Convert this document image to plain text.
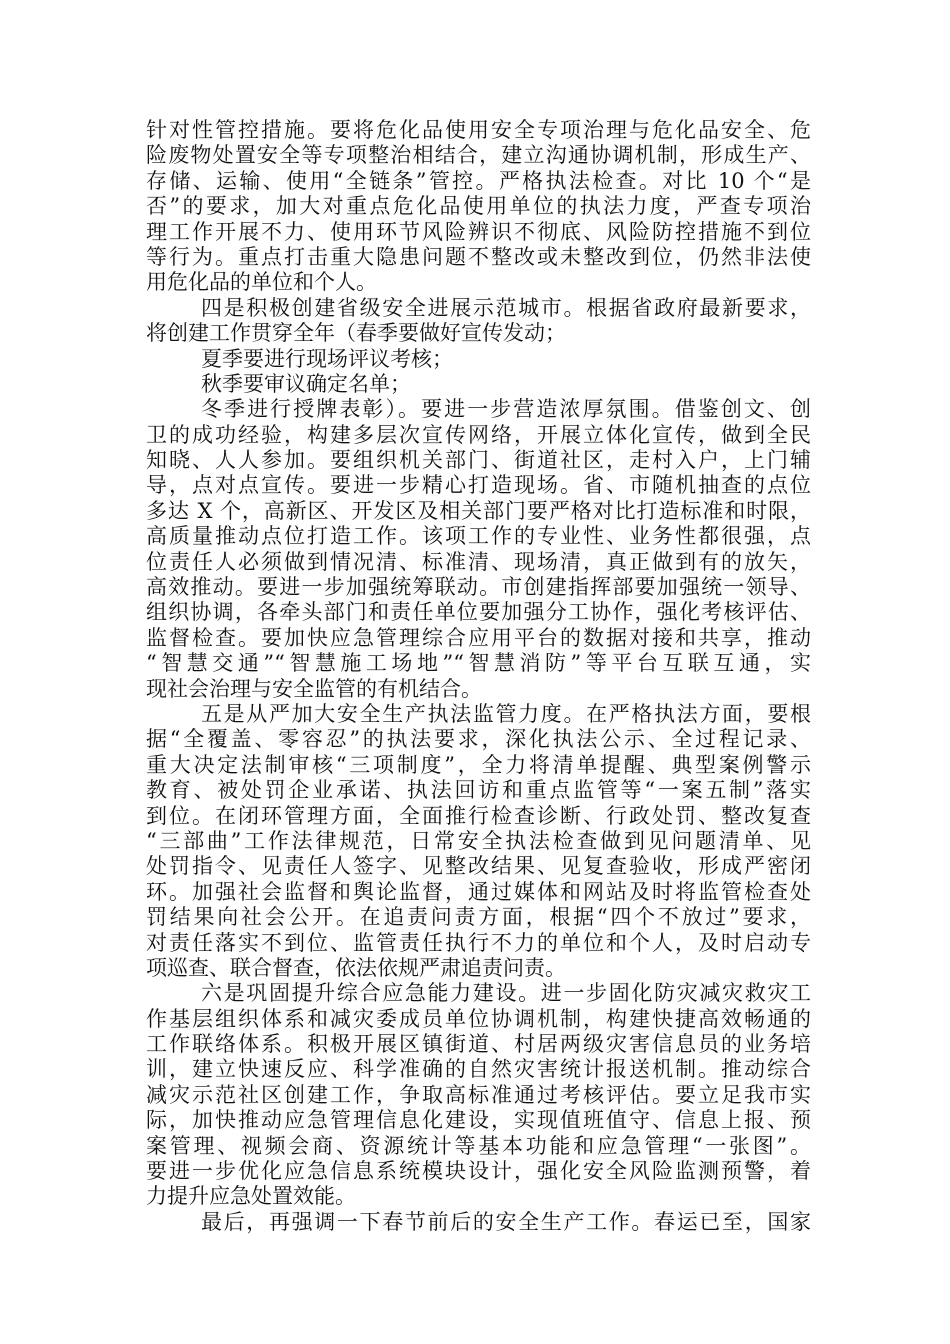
针对性管控措施。要将危化品使用安全专项治理与危化品安全、危
险废物处置安全等专项整治相结合，建立沟通协调机制，形成生产、
存储、运输、使用“全链条”管控。严格执法检查。对比 10 个“是
否”的要求，加大对重点危化品使用单位的执法力度，严查专项治
理工作开展不力、使用环节风险辨识不彻底、风险防控措施不到位
等行为。重点打击重大隐患问题不整改或未整改到位，仍然非法使
用危化品的单位和个人。
四是积极创建省级安全进展示范城市。根据省政府最新要求，
将创建工作贯穿全年（春季要做好宣传发动；
夏季要进行现场评议考核；
秋季要审议确定名单；
冬季进行授牌表彰）。要进一步营造浓厚氛围。借鉴创文、创
卫的成功经验，构建多层次宣传网络，开展立体化宣传，做到全民
知晓、人人参加。要组织机关部门、街道社区，走村入户，上门辅
导，点对点宣传。要进一步精心打造现场。省、市随机抽查的点位
多达 X 个，高新区、开发区及相关部门要严格对比打造标准和时限，
高质量推动点位打造工作。该项工作的专业性、业务性都很强，点
位责任人必须做到情况清、标准清、现场清，真正做到有的放矢，
高效推动。要进一步加强统筹联动。市创建指挥部要加强统一领导、
组织协调，各牵头部门和责任单位要加强分工协作，强化考核评估、
监督检查。要加快应急管理综合应用平台的数据对接和共享，推动
“智慧交通”“智慧施工场地”“智慧消防”等平台互联互通，实
现社会治理与安全监管的有机结合。
五是从严加大安全生产执法监管力度。在严格执法方面，要根
据“全覆盖、零容忍”的执法要求，深化执法公示、全过程记录、
重大决定法制审核“三项制度”，全力将清单提醒、典型案例警示
教育、被处罚企业承诺、执法回访和重点监管等“一案五制”落实
到位。在闭环管理方面，全面推行检查诊断、行政处罚、整改复查
“三部曲”工作法律规范，日常安全执法检查做到见问题清单、见
处罚指令、见责任人签字、见整改结果、见复查验收，形成严密闭
环。加强社会监督和舆论监督，通过媒体和网站及时将监管检查处
罚结果向社会公开。在追责问责方面，根据“四个不放过”要求，
对责任落实不到位、监管责任执行不力的单位和个人，及时启动专
项巡查、联合督查，依法依规严肃追责问责。
六是巩固提升综合应急能力建设。进一步固化防灾减灾救灾工
作基层组织体系和减灾委成员单位协调机制，构建快捷高效畅通的
工作联络体系。积极开展区镇街道、村居两级灾害信息员的业务培
训，建立快速反应、科学准确的自然灾害统计报送机制。推动综合
减灾示范社区创建工作，争取高标准通过考核评估。要立足我市实
际，加快推动应急管理信息化建设，实现值班值守、信息上报、预
案管理、视频会商、资源统计等基本功能和应急管理“一张图”。
要进一步优化应急信息系统模块设计，强化安全风险监测预警，着
力提升应急处置效能。
最后，再强调一下春节前后的安全生产工作。春运已至，国家
